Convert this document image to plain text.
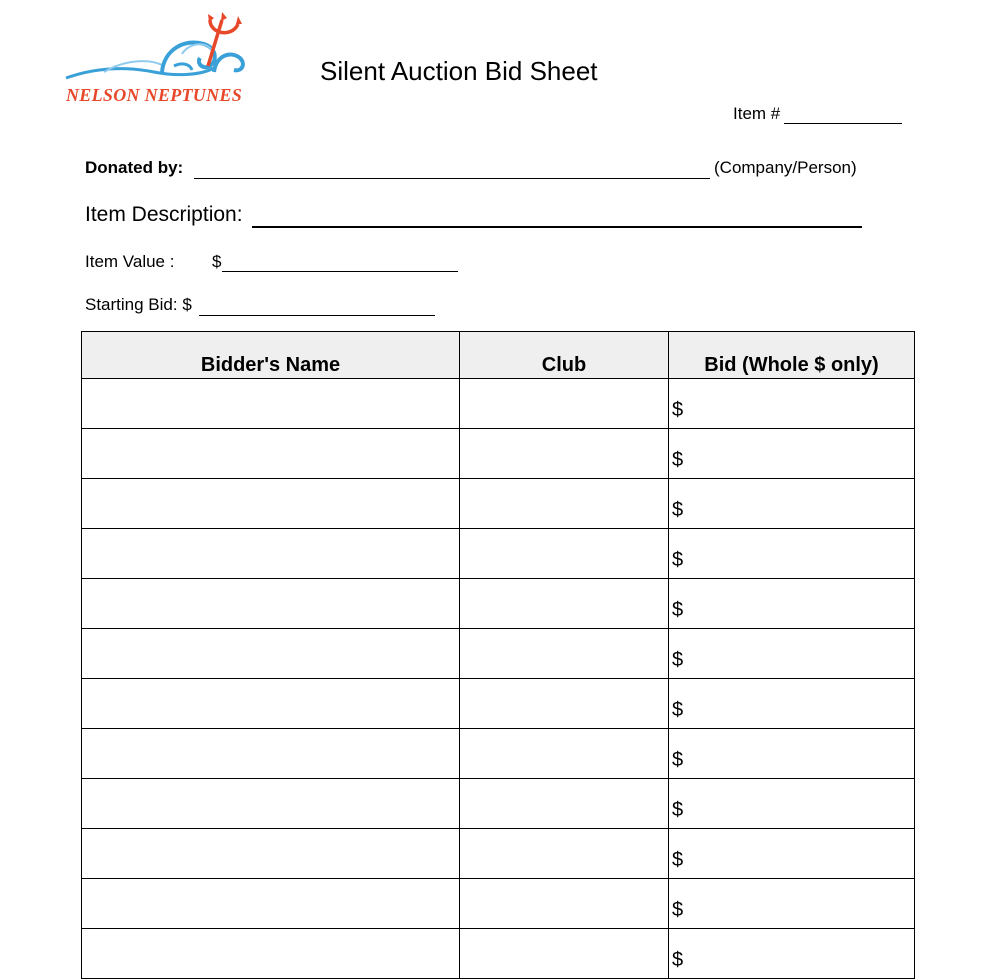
NELSON NEPTUNES
Silent Auction Bid Sheet
Item #
Donated by:	(Company/Person)
Item Description:
Item Value : $
Starting Bid: $
Bidder's Name	Club	Bid (Whole $ only)
		$
		$
		$
		$
		$
		$
		$
		$
		$
		$
		$
		$
